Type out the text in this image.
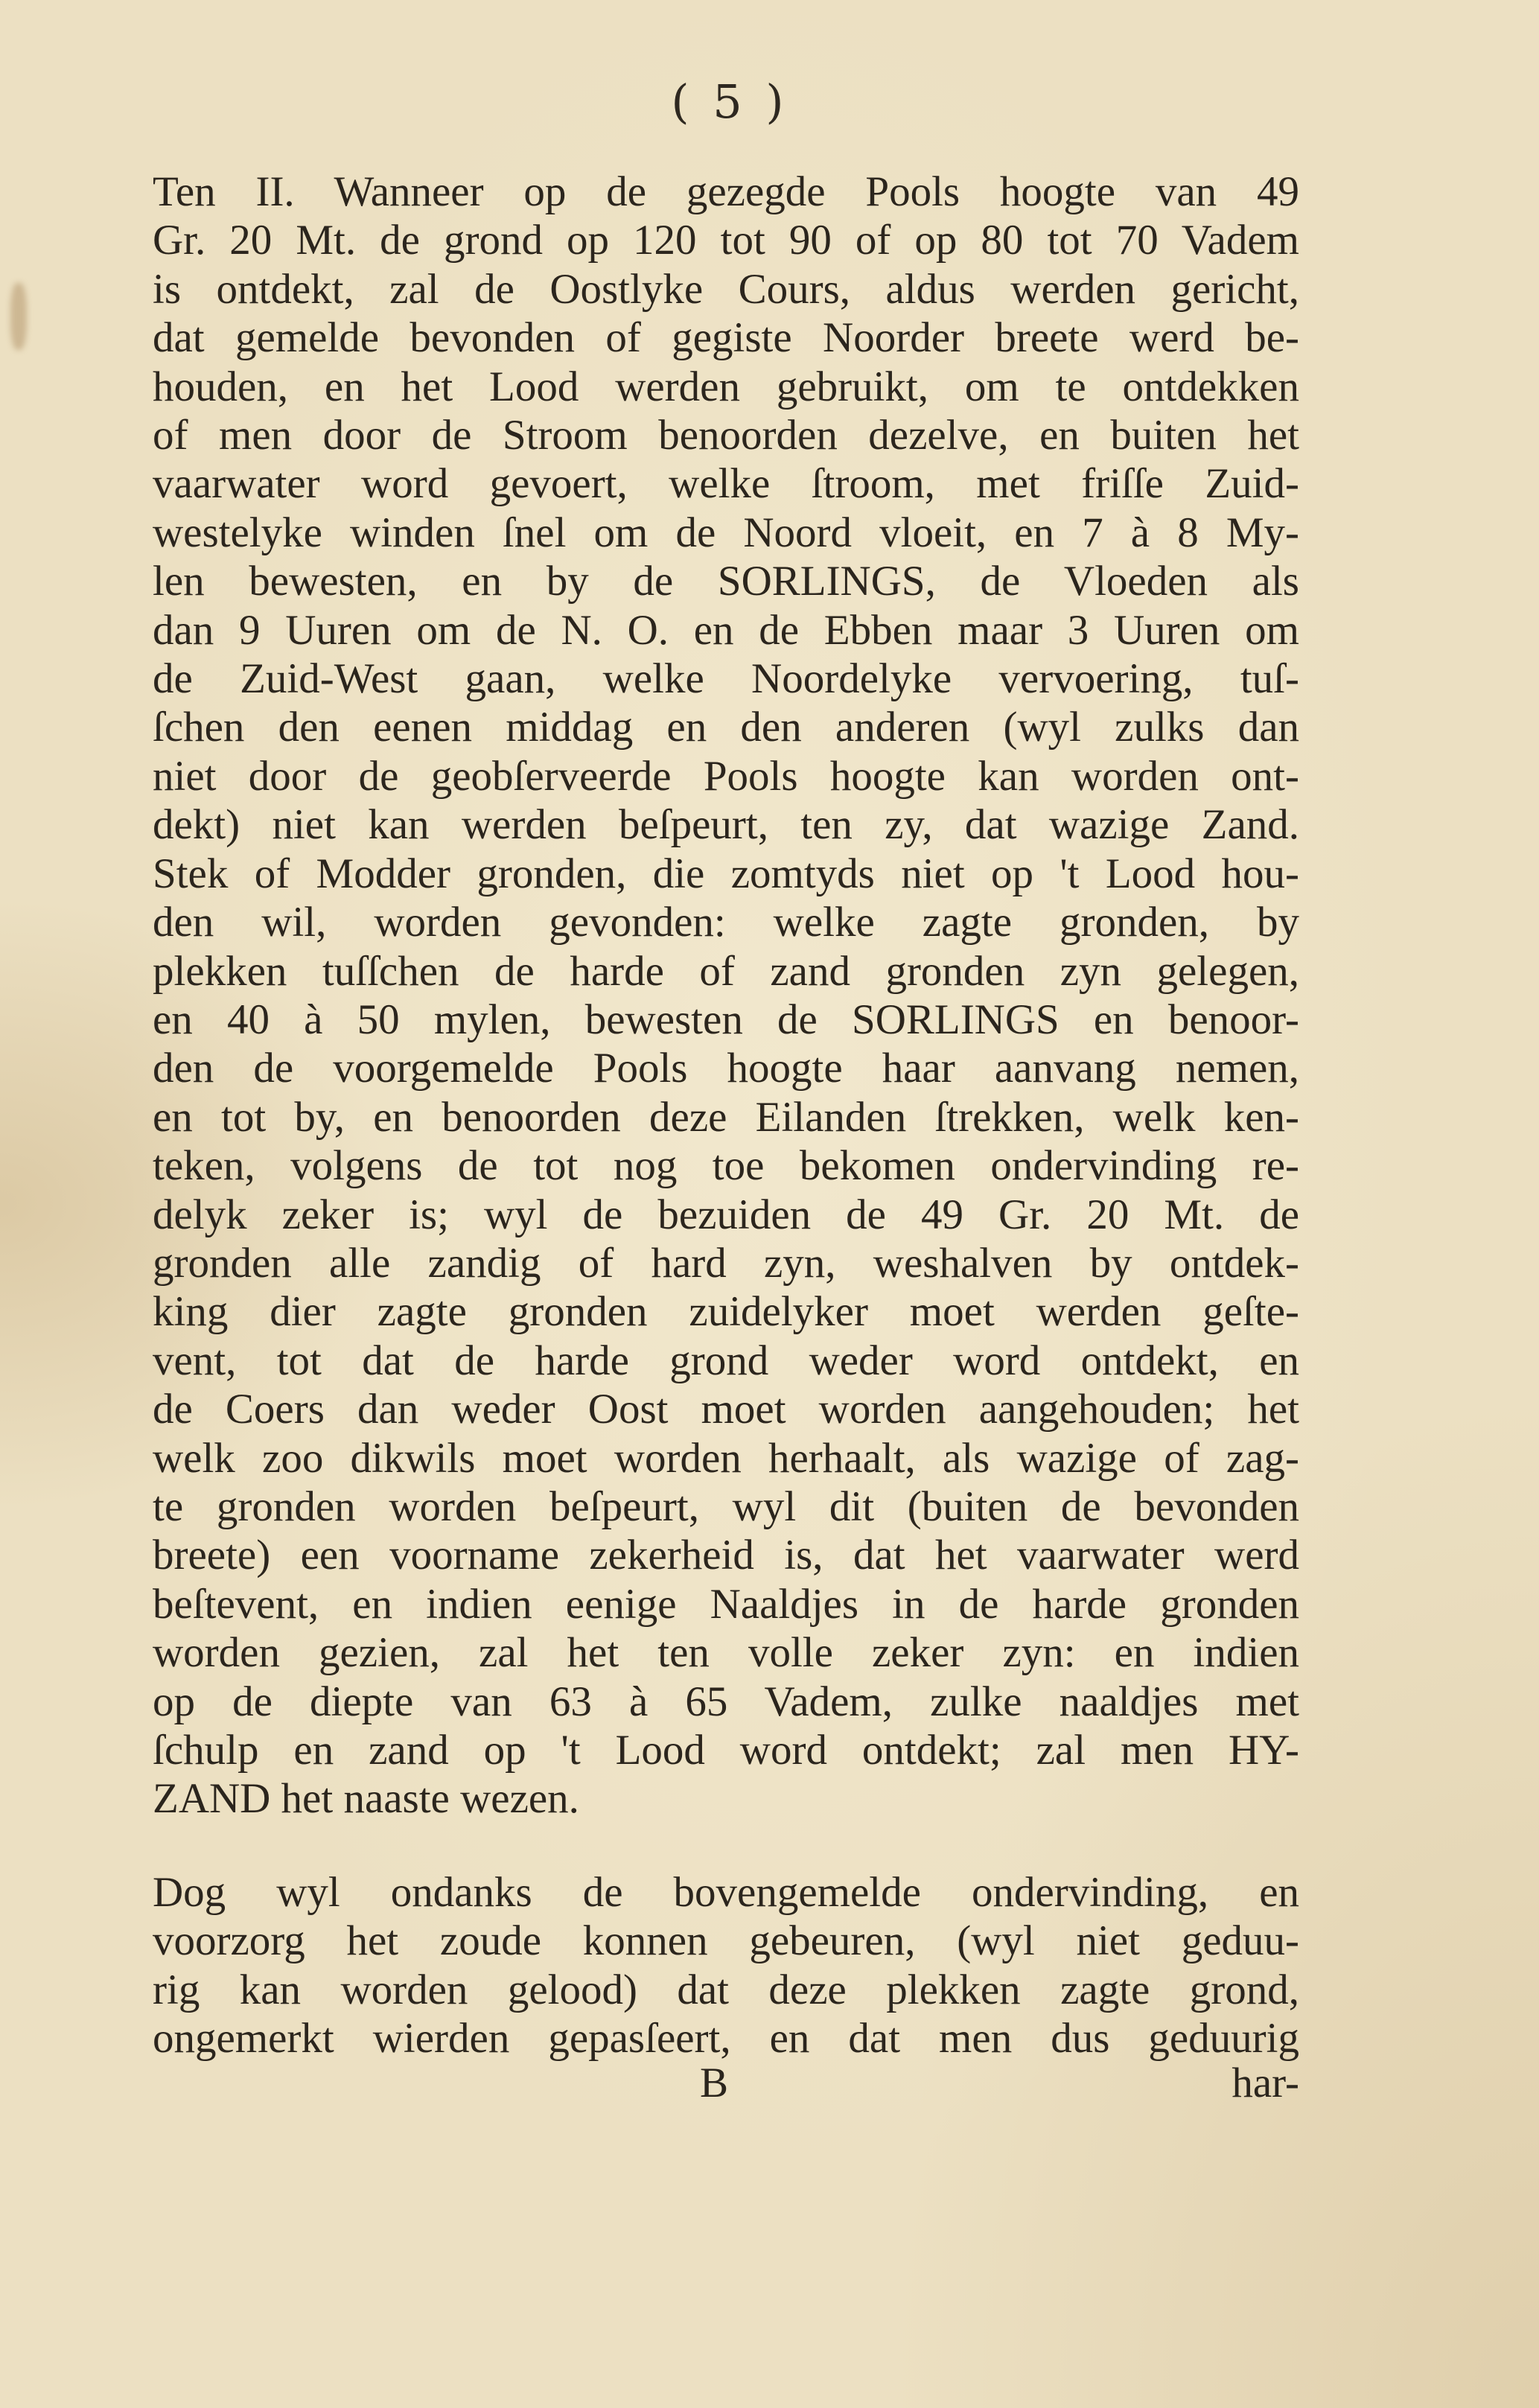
( 5 )
Ten II. Wanneer op de gezegde Pools hoogte van 49
Gr. 20 Mt. de grond op 120 tot 90 of op 80 tot 70 Vadem
is ontdekt, zal de Oostlyke Cours, aldus werden gericht,
dat gemelde bevonden of gegiste Noorder breete werd be-
houden, en het Lood werden gebruikt, om te ontdekken
of men door de Stroom benoorden dezelve, en buiten het
vaarwater word gevoert, welke ſtroom, met friſſe Zuid-
westelyke winden ſnel om de Noord vloeit, en 7 à 8 My-
len bewesten, en by de SORLINGS, de Vloeden als
dan 9 Uuren om de N. O. en de Ebben maar 3 Uuren om
de Zuid-West gaan, welke Noordelyke vervoering, tuſ-
ſchen den eenen middag en den anderen (wyl zulks dan
niet door de geobſerveerde Pools hoogte kan worden ont-
dekt) niet kan werden beſpeurt, ten zy, dat wazige Zand.
Stek of Modder gronden, die zomtyds niet op 't Lood hou-
den wil, worden gevonden: welke zagte gronden, by
plekken tuſſchen de harde of zand gronden zyn gelegen,
en 40 à 50 mylen, bewesten de SORLINGS en benoor-
den de voorgemelde Pools hoogte haar aanvang nemen,
en tot by, en benoorden deze Eilanden ſtrekken, welk ken-
teken, volgens de tot nog toe bekomen ondervinding re-
delyk zeker is; wyl de bezuiden de 49 Gr. 20 Mt. de
gronden alle zandig of hard zyn, weshalven by ontdek-
king dier zagte gronden zuidelyker moet werden geſte-
vent, tot dat de harde grond weder word ontdekt, en
de Coers dan weder Oost moet worden aangehouden; het
welk zoo dikwils moet worden herhaalt, als wazige of zag-
te gronden worden beſpeurt, wyl dit (buiten de bevonden
breete) een voorname zekerheid is, dat het vaarwater werd
beſtevent, en indien eenige Naaldjes in de harde gronden
worden gezien, zal het ten volle zeker zyn: en indien
op de diepte van 63 à 65 Vadem, zulke naaldjes met
ſchulp en zand op 't Lood word ontdekt; zal men HY-
ZAND het naaste wezen.
Dog wyl ondanks de bovengemelde ondervinding, en
voorzorg het zoude konnen gebeuren, (wyl niet geduu-
rig kan worden gelood) dat deze plekken zagte grond,
ongemerkt wierden gepasſeert, en dat men dus geduurig
B	har-
